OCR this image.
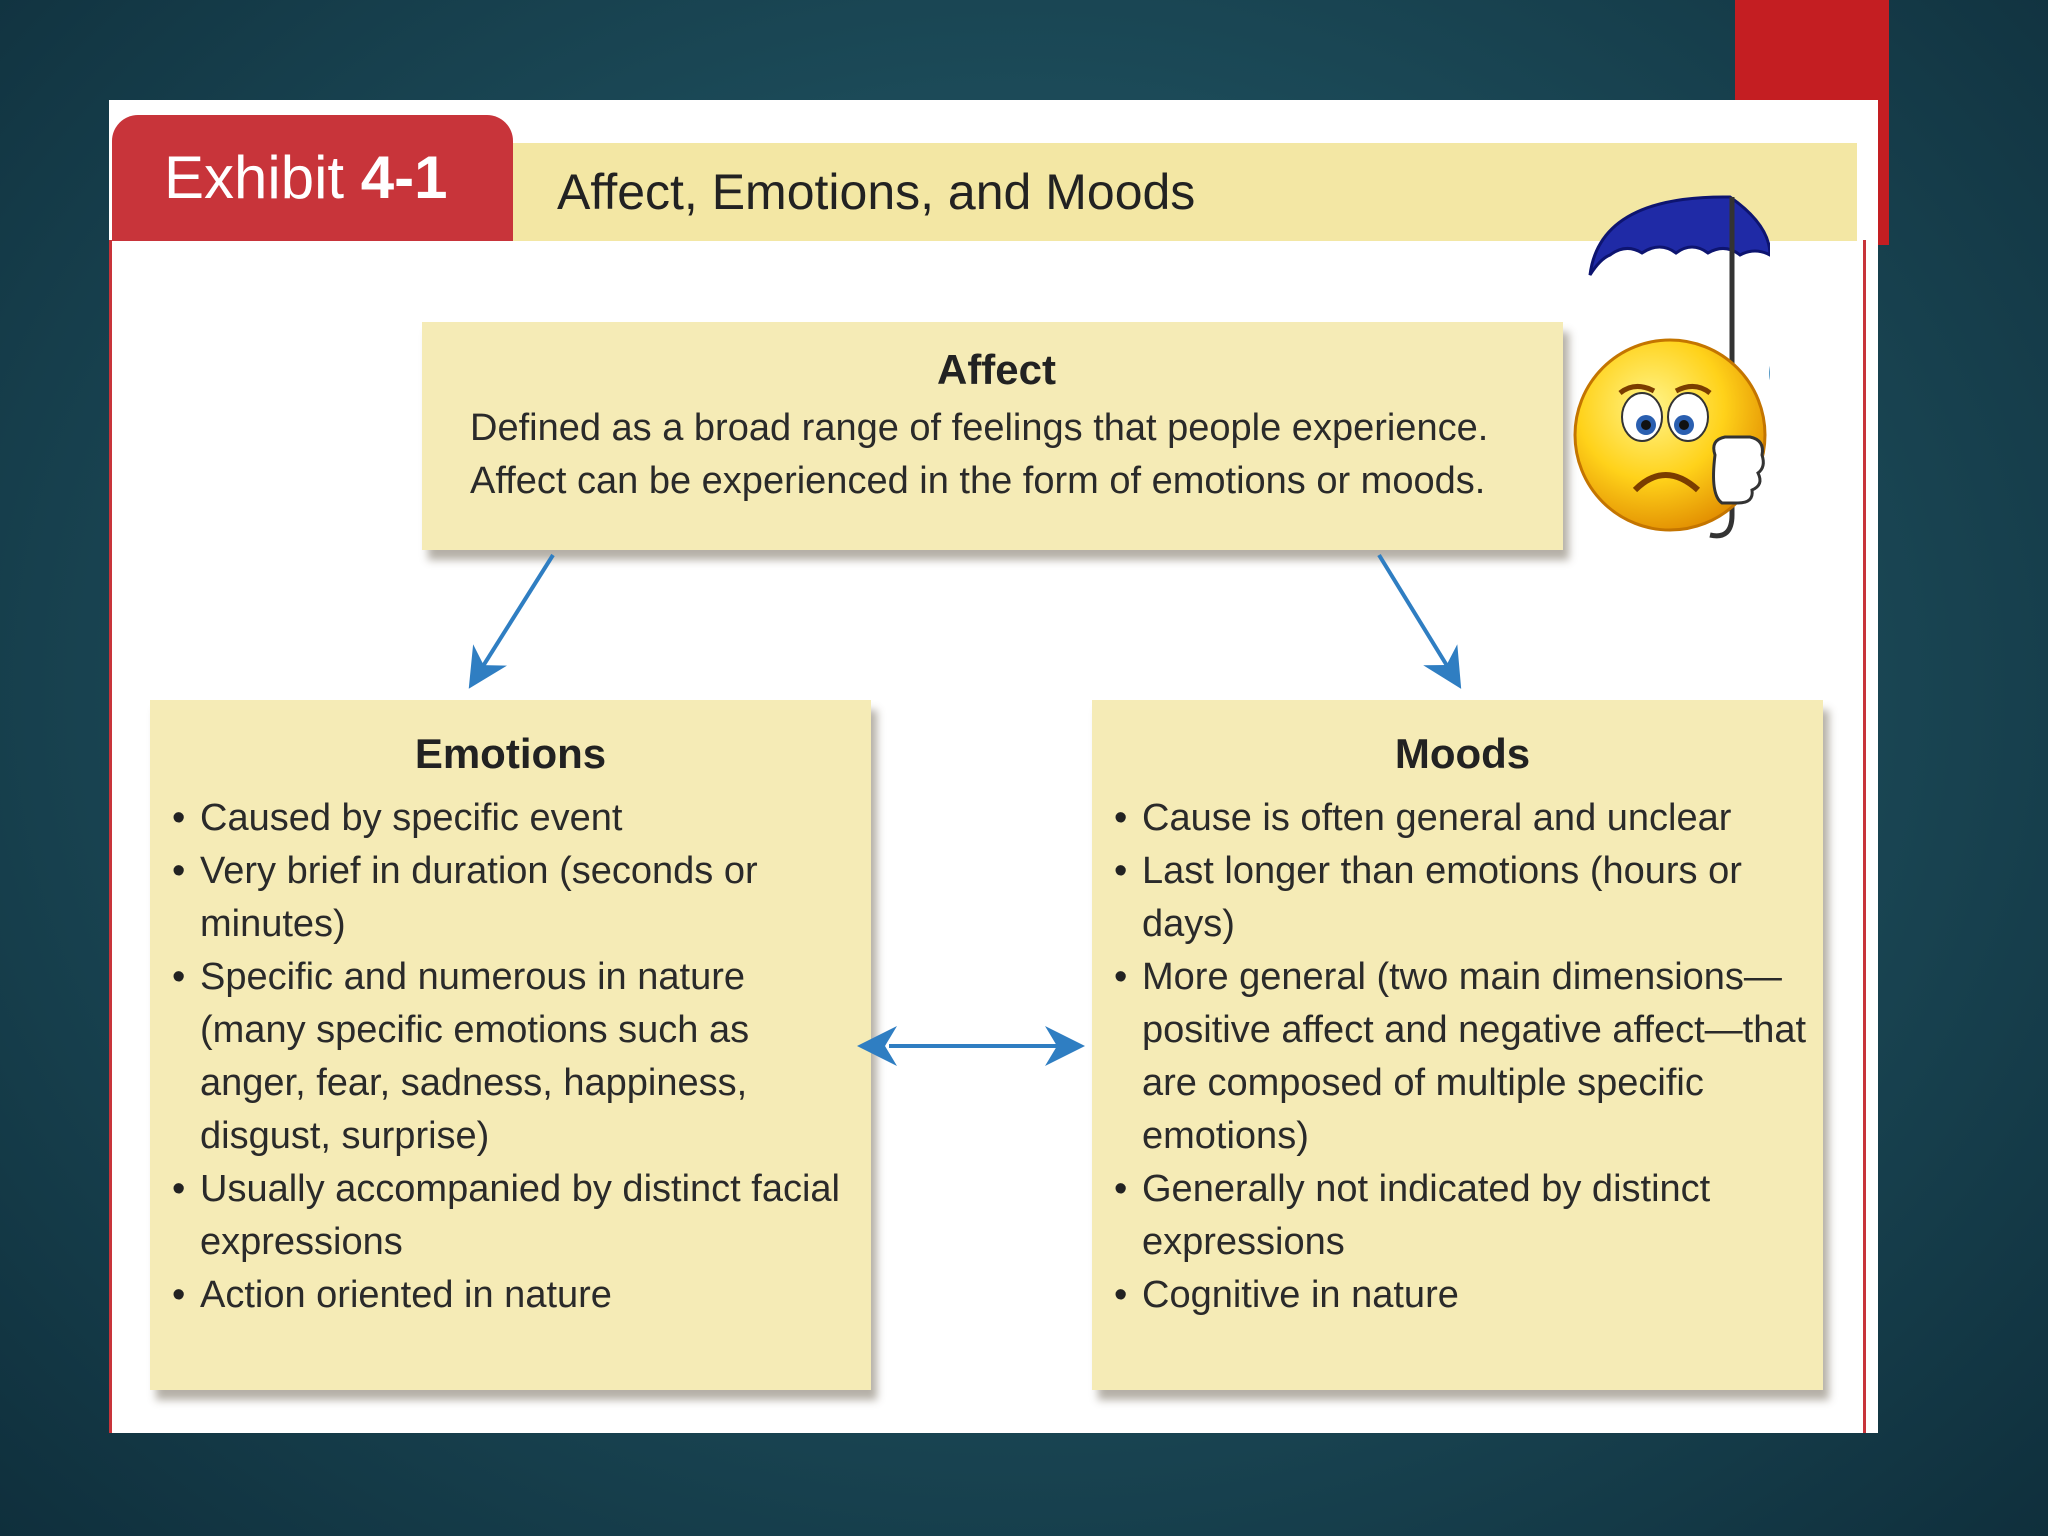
Exhibit 4-1	Affect, Emotions, and Moods
Affect
Defined as a broad range of feelings that people experience.
Affect can be experienced in the form of emotions or moods.
Emotions
• Caused by specific event
• Very brief in duration (seconds or minutes)
• Specific and numerous in nature (many specific emotions such as anger, fear, sadness, happiness, disgust, surprise)
• Usually accompanied by distinct facial expressions
• Action oriented in nature
Moods
• Cause is often general and unclear
• Last longer than emotions (hours or days)
• More general (two main dimensions—positive affect and negative affect—that are composed of multiple specific emotions)
• Generally not indicated by distinct expressions
• Cognitive in nature
